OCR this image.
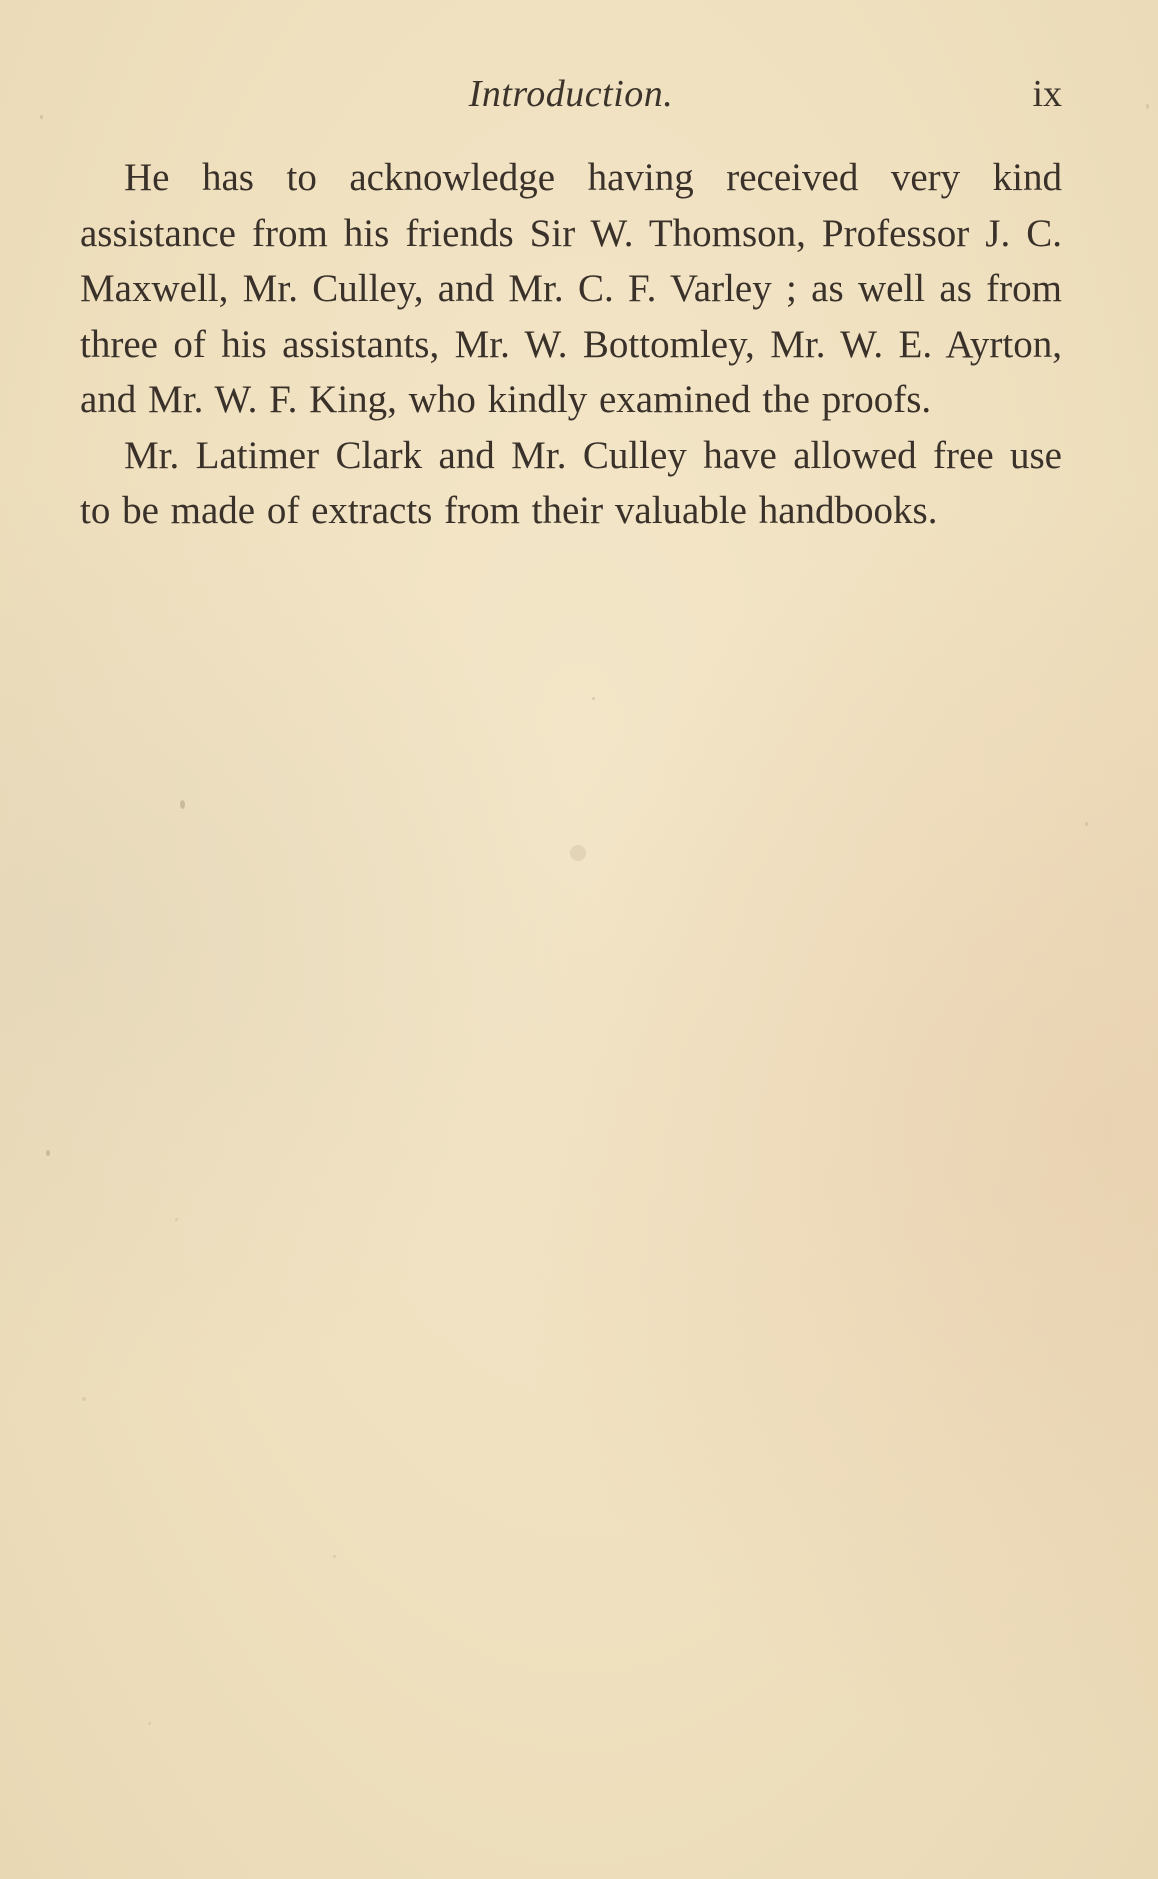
Introduction.	ix

He has to acknowledge having received very kind assistance from his friends Sir W. Thomson, Professor J. C. Maxwell, Mr. Culley, and Mr. C. F. Varley ; as well as from three of his assistants, Mr. W. Bottomley, Mr. W. E. Ayrton, and Mr. W. F. King, who kindly examined the proofs.

Mr. Latimer Clark and Mr. Culley have allowed free use to be made of extracts from their valuable handbooks.
